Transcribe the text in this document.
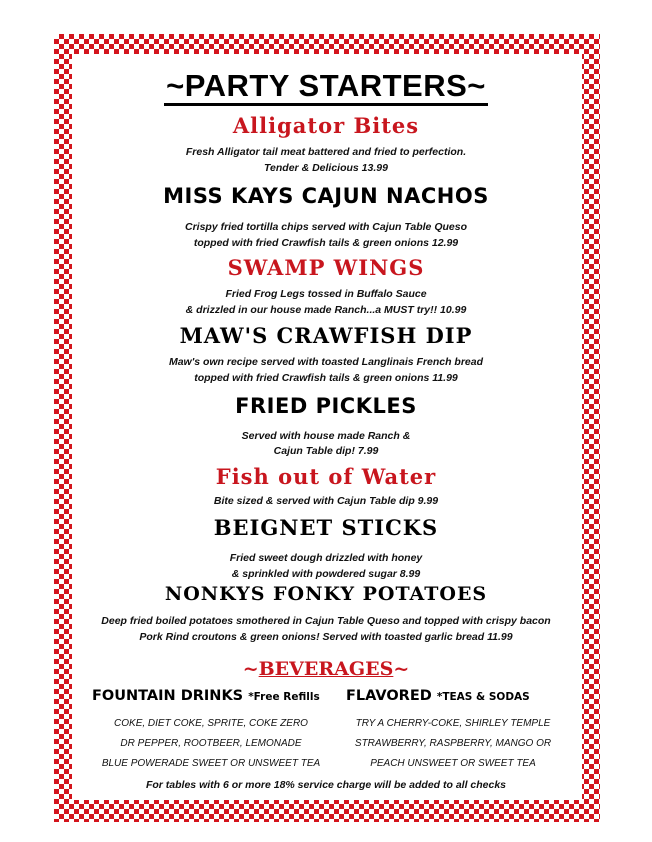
~PARTY STARTERS~
Alligator Bites
Fresh Alligator tail meat battered and fried to perfection.
Tender & Delicious 13.99
MISS KAYS CAJUN NACHOS
Crispy fried tortilla chips served with Cajun Table Queso
topped with fried Crawfish tails & green onions 12.99
SWAMP WINGS
Fried Frog Legs tossed in Buffalo Sauce
& drizzled in our house made Ranch...a MUST try!! 10.99
MAW'S CRAWFISH DIP
Maw's own recipe served with toasted Langlinais French bread
topped with fried Crawfish tails & green onions 11.99
FRIED PICKLES
Served with house made Ranch &
Cajun Table dip! 7.99
Fish out of Water
Bite sized & served with Cajun Table dip 9.99
BEIGNET STICKS
Fried sweet dough drizzled with honey
& sprinkled with powdered sugar 8.99
NONKYS FONKY POTATOES
Deep fried boiled potatoes smothered in Cajun Table Queso and topped with crispy bacon
Pork Rind croutons & green onions! Served with toasted garlic bread 11.99
~BEVERAGES~
FOUNTAIN DRINKS *Free Refills FLAVORED *TEAS & SODAS
COKE, DIET COKE, SPRITE, COKE ZERO
DR PEPPER, ROOTBEER, LEMONADE
BLUE POWERADE SWEET OR UNSWEET TEA
TRY A CHERRY-COKE, SHIRLEY TEMPLE
STRAWBERRY, RASPBERRY, MANGO OR
PEACH UNSWEET OR SWEET TEA
For tables with 6 or more 18% service charge will be added to all checks
